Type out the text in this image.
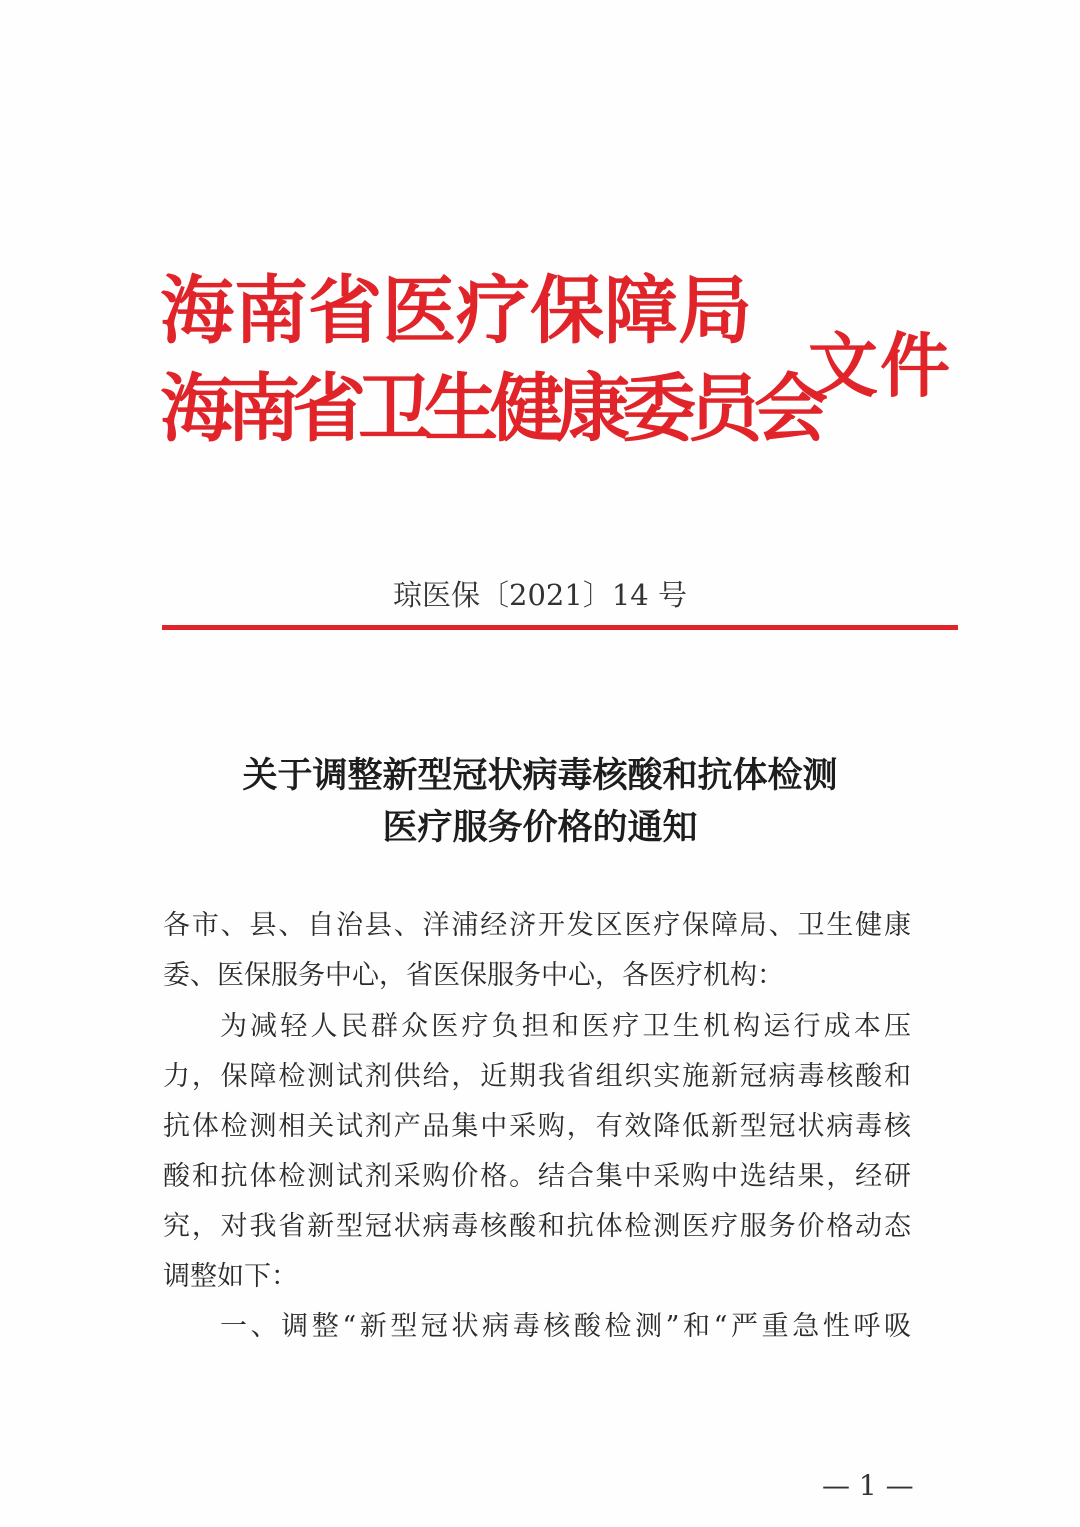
海南省医疗保障局
海南省卫生健康委员会
文件
琼医保〔2021〕14 号
关于调整新型冠状病毒核酸和抗体检测
医疗服务价格的通知
各市、县、自治县、洋浦经济开发区医疗保障局、卫生健康
委、医保服务中心，省医保服务中心，各医疗机构：
为减轻人民群众医疗负担和医疗卫生机构运行成本压
力，保障检测试剂供给，近期我省组织实施新冠病毒核酸和
抗体检测相关试剂产品集中采购，有效降低新型冠状病毒核
酸和抗体检测试剂采购价格。结合集中采购中选结果，经研
究，对我省新型冠状病毒核酸和抗体检测医疗服务价格动态
调整如下：
一、调整“新型冠状病毒核酸检测”和“严重急性呼吸
— 1 —
